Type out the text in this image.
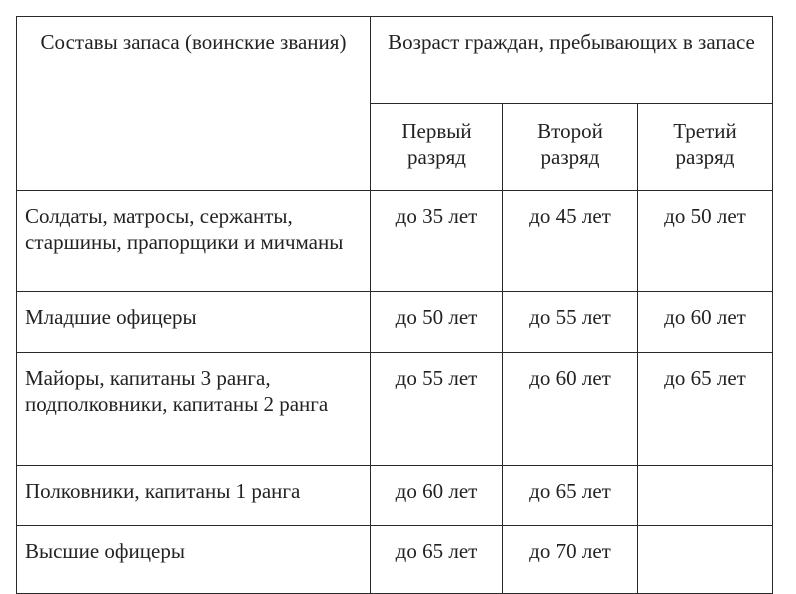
Составы запаса (воинские звания)	Возраст граждан, пребывающих в запасе		

	Первый разряд	Второй разряд	Третий разряд

Солдаты, матросы, сержанты, старшины, прапорщики и мичманы	до 35 лет	до 45 лет	до 50 лет
Младшие офицеры	до 50 лет	до 55 лет	до 60 лет
Майоры, капитаны 3 ранга, подполковники, капитаны 2 ранга	до 55 лет	до 60 лет	до 65 лет
Полковники, капитаны 1 ранга	до 60 лет	до 65 лет	
Высшие офицеры	до 65 лет	до 70 лет	
